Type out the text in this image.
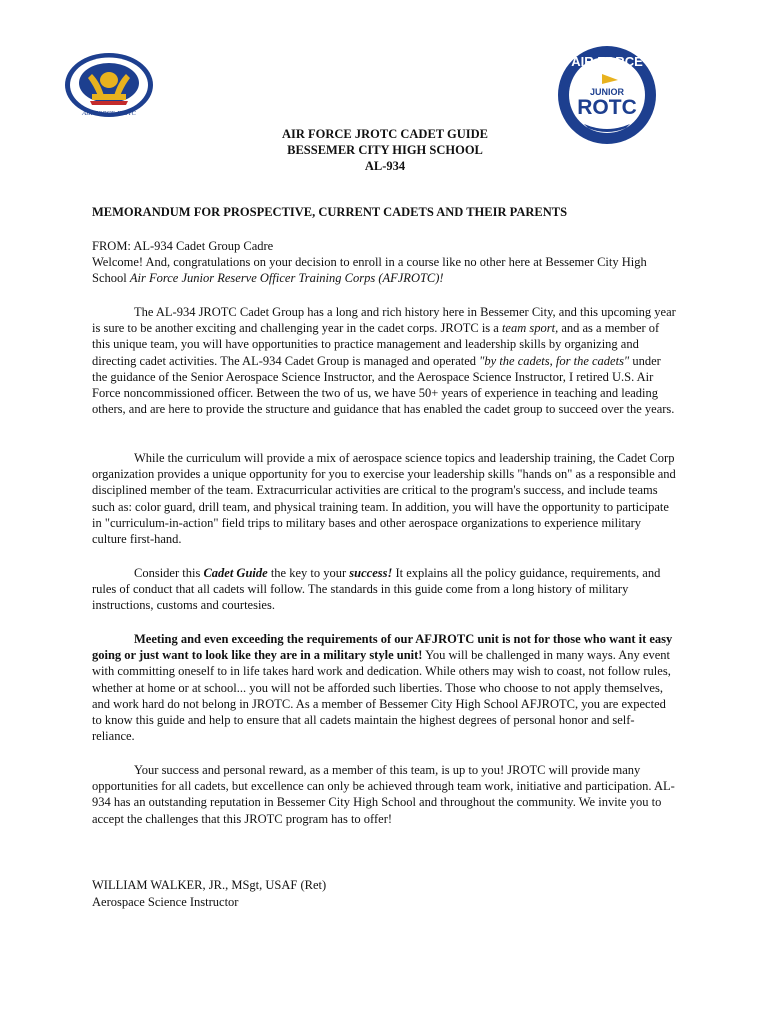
AIR FORCE JROTC
AIR FORCE
JUNIOR
ROTC
AIR FORCE JROTC CADET GUIDE
BESSEMER CITY HIGH SCHOOL
AL-934
MEMORANDUM FOR PROSPECTIVE, CURRENT CADETS AND THEIR PARENTS
FROM: AL-934 Cadet Group Cadre
Welcome! And, congratulations on your decision to enroll in a course like no other here at Bessemer City High School Air Force Junior Reserve Officer Training Corps (AFJROTC)!
The AL-934 JROTC Cadet Group has a long and rich history here in Bessemer City, and this upcoming year is sure to be another exciting and challenging year in the cadet corps. JROTC is a team sport, and as a member of this unique team, you will have opportunities to practice management and leadership skills by organizing and directing cadet activities. The AL-934 Cadet Group is managed and operated "by the cadets, for the cadets" under the guidance of the Senior Aerospace Science Instructor, and the Aerospace Science Instructor, I retired U.S. Air Force noncommissioned officer. Between the two of us, we have 50+ years of experience in teaching and leading others, and are here to provide the structure and guidance that has enabled the cadet group to succeed over the years.
While the curriculum will provide a mix of aerospace science topics and leadership training, the Cadet Corp organization provides a unique opportunity for you to exercise your leadership skills "hands on" as a responsible and disciplined member of the team. Extracurricular activities are critical to the program's success, and include teams such as: color guard, drill team, and physical training team. In addition, you will have the opportunity to participate in "curriculum-in-action" field trips to military bases and other aerospace organizations to experience military culture first-hand.
Consider this Cadet Guide the key to your success! It explains all the policy guidance, requirements, and rules of conduct that all cadets will follow. The standards in this guide come from a long history of military instructions, customs and courtesies.
Meeting and even exceeding the requirements of our AFJROTC unit is not for those who want it easy going or just want to look like they are in a military style unit! You will be challenged in many ways. Any event with committing oneself to in life takes hard work and dedication. While others may wish to coast, not follow rules, whether at home or at school... you will not be afforded such liberties. Those who choose to not apply themselves, and work hard do not belong in JROTC. As a member of Bessemer City High School AFJROTC, you are expected to know this guide and help to ensure that all cadets maintain the highest degrees of personal honor and self-reliance.
Your success and personal reward, as a member of this team, is up to you! JROTC will provide many opportunities for all cadets, but excellence can only be achieved through team work, initiative and participation. AL-934 has an outstanding reputation in Bessemer City High School and throughout the community. We invite you to accept the challenges that this JROTC program has to offer!
WILLIAM WALKER, JR., MSgt, USAF (Ret)
Aerospace Science Instructor
